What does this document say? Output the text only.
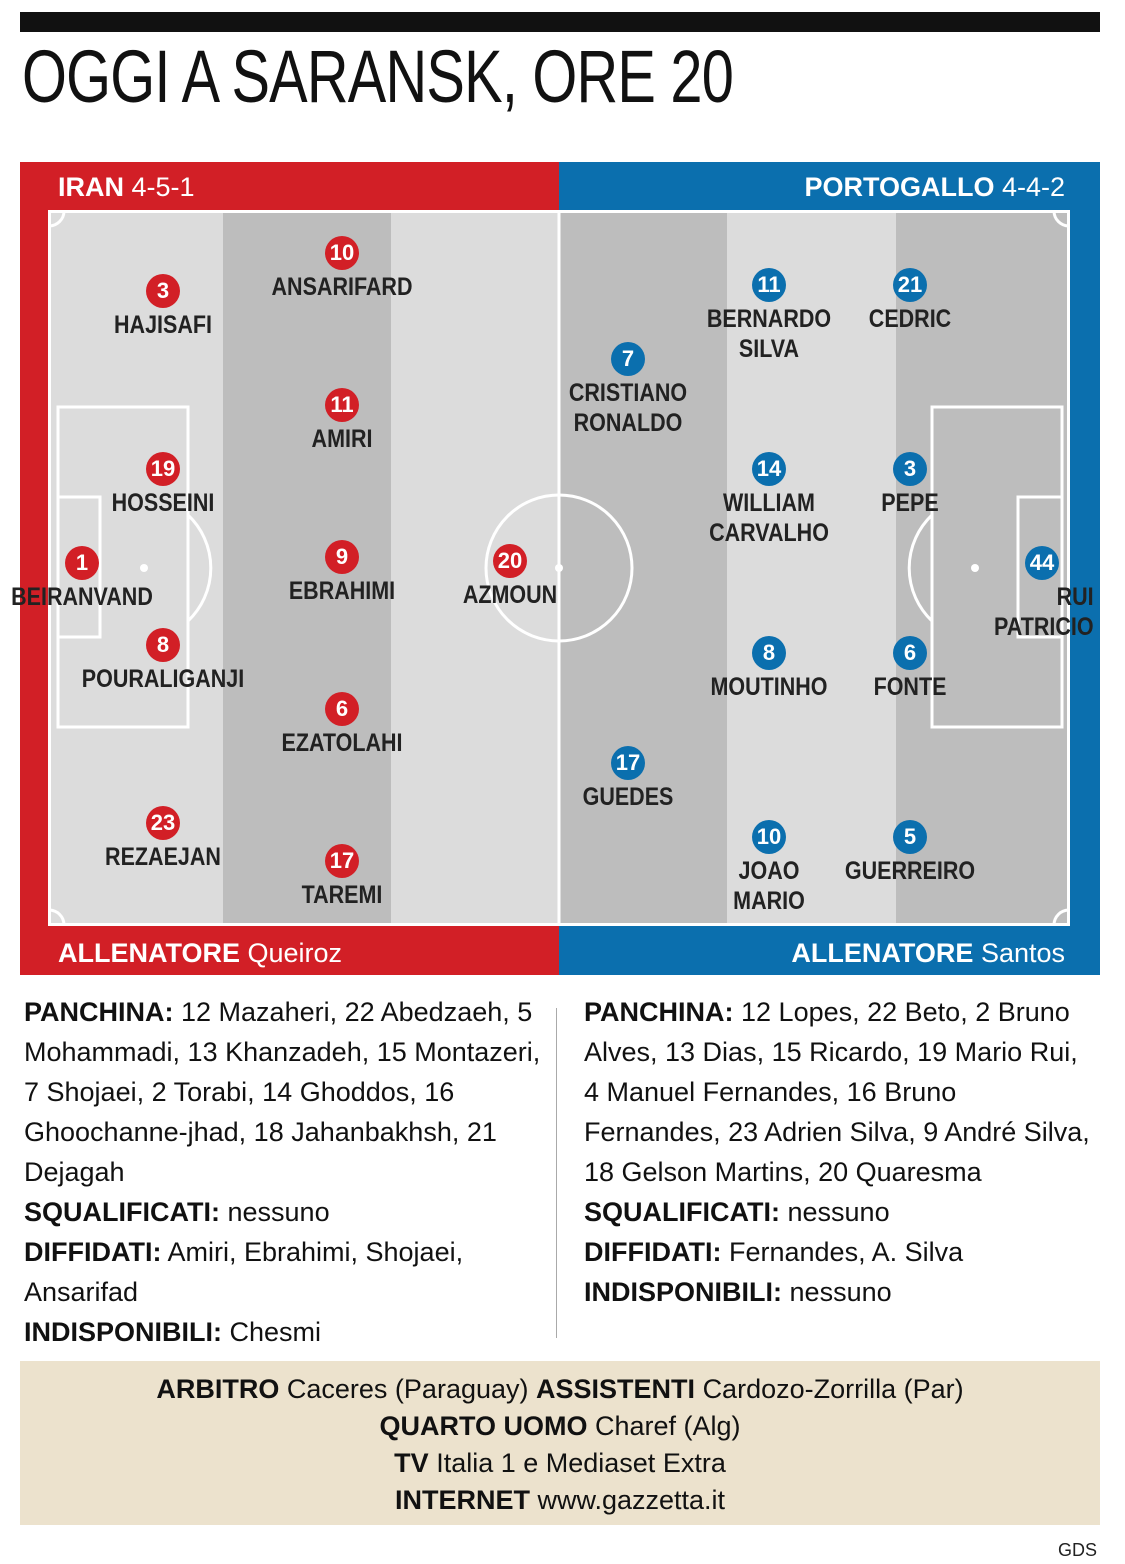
OGGI A SARANSK, ORE 20
IRAN 4-5-1	PORTOGALLO 4-4-2
1
BEIRANVAND
3
HAJISAFI
19
HOSSEINI
8
POURALIGANJI
23
REZAEJAN
10
ANSARIFARD
11
AMIRI
9
EBRAHIMI
6
EZATOLAHI
17
TAREMI
20
AZMOUN
7
CRISTIANO
RONALDO
17
GUEDES
11
BERNARDO
SILVA
14
WILLIAM
CARVALHO
8
MOUTINHO
10
JOAO
MARIO
21
CEDRIC
3
PEPE
6
FONTE
5
GUERREIRO
44
RUI
PATRICIO
ALLENATORE Queiroz	ALLENATORE Santos
PANCHINA: 12 Mazaheri, 22 Abedzaeh, 5 Mohammadi, 13 Khanzadeh, 15 Montazeri, 7 Shojaei, 2 Torabi, 14 Ghoddos, 16 Ghoochanne-jhad, 18 Jahanbakhsh, 21 Dejagah
SQUALIFICATI: nessuno
DIFFIDATI: Amiri, Ebrahimi, Shojaei, Ansarifad
INDISPONIBILI: Chesmi
PANCHINA: 12 Lopes, 22 Beto, 2 Bruno Alves, 13 Dias, 15 Ricardo, 19 Mario Rui, 4 Manuel Fernandes, 16 Bruno Fernandes, 23 Adrien Silva, 9 André Silva, 18 Gelson Martins, 20 Quaresma
SQUALIFICATI: nessuno
DIFFIDATI: Fernandes, A. Silva
INDISPONIBILI: nessuno
ARBITRO Caceres (Paraguay) ASSISTENTI Cardozo-Zorrilla (Par)
QUARTO UOMO Charef (Alg)
TV Italia 1 e Mediaset Extra
INTERNET www.gazzetta.it
GDS
